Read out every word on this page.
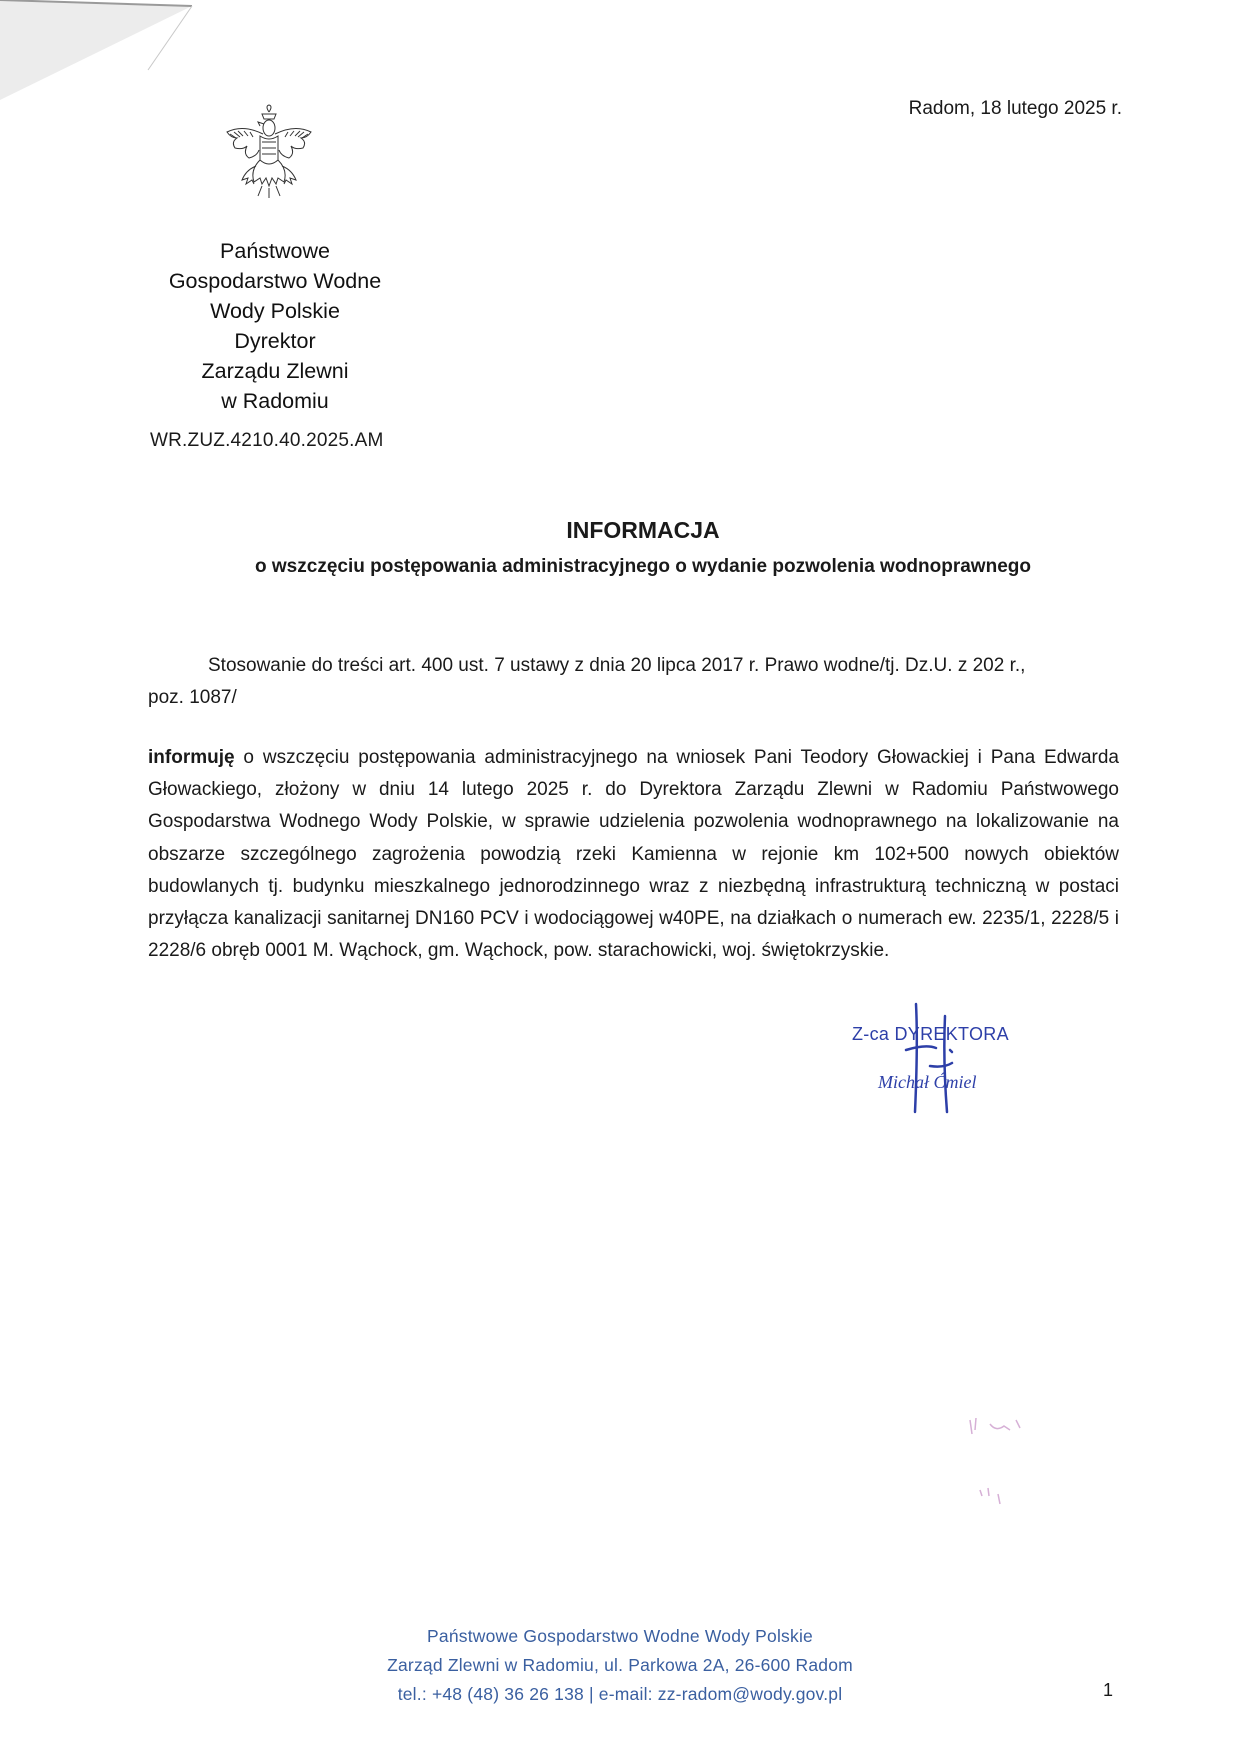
Radom, 18 lutego 2025 r.
Państwowe
Gospodarstwo Wodne
Wody Polskie
Dyrektor
Zarządu Zlewni
w Radomiu
WR.ZUZ.4210.40.2025.AM
INFORMACJA
o wszczęciu postępowania administracyjnego o wydanie pozwolenia wodnoprawnego
Stosowanie do treści art. 400 ust. 7 ustawy z dnia 20 lipca 2017 r. Prawo wodne/tj. Dz.U. z 202 r.,
poz. 1087/
informuję o wszczęciu postępowania administracyjnego na wniosek Pani Teodory Głowackiej i Pana Edwarda Głowackiego, złożony w dniu 14 lutego 2025 r. do Dyrektora Zarządu Zlewni w Radomiu Państwowego Gospodarstwa Wodnego Wody Polskie, w sprawie udzielenia pozwolenia wodnoprawnego na lokalizowanie na obszarze szczególnego zagrożenia powodzią rzeki Kamienna w rejonie km 102+500 nowych obiektów budowlanych tj. budynku mieszkalnego jednorodzinnego wraz z niezbędną infrastrukturą techniczną w postaci przyłącza kanalizacji sanitarnej DN160 PCV i wodociągowej w40PE, na działkach o numerach ew. 2235/1, 2228/5 i 2228/6 obręb 0001 M. Wąchock, gm. Wąchock, pow. starachowicki, woj. świętokrzyskie.
Z-ca DYREKTORA
Michał Ćmiel
Państwowe Gospodarstwo Wodne Wody Polskie
Zarząd Zlewni w Radomiu, ul. Parkowa 2A, 26-600 Radom
tel.: +48 (48) 36 26 138 | e-mail: zz-radom@wody.gov.pl	1
